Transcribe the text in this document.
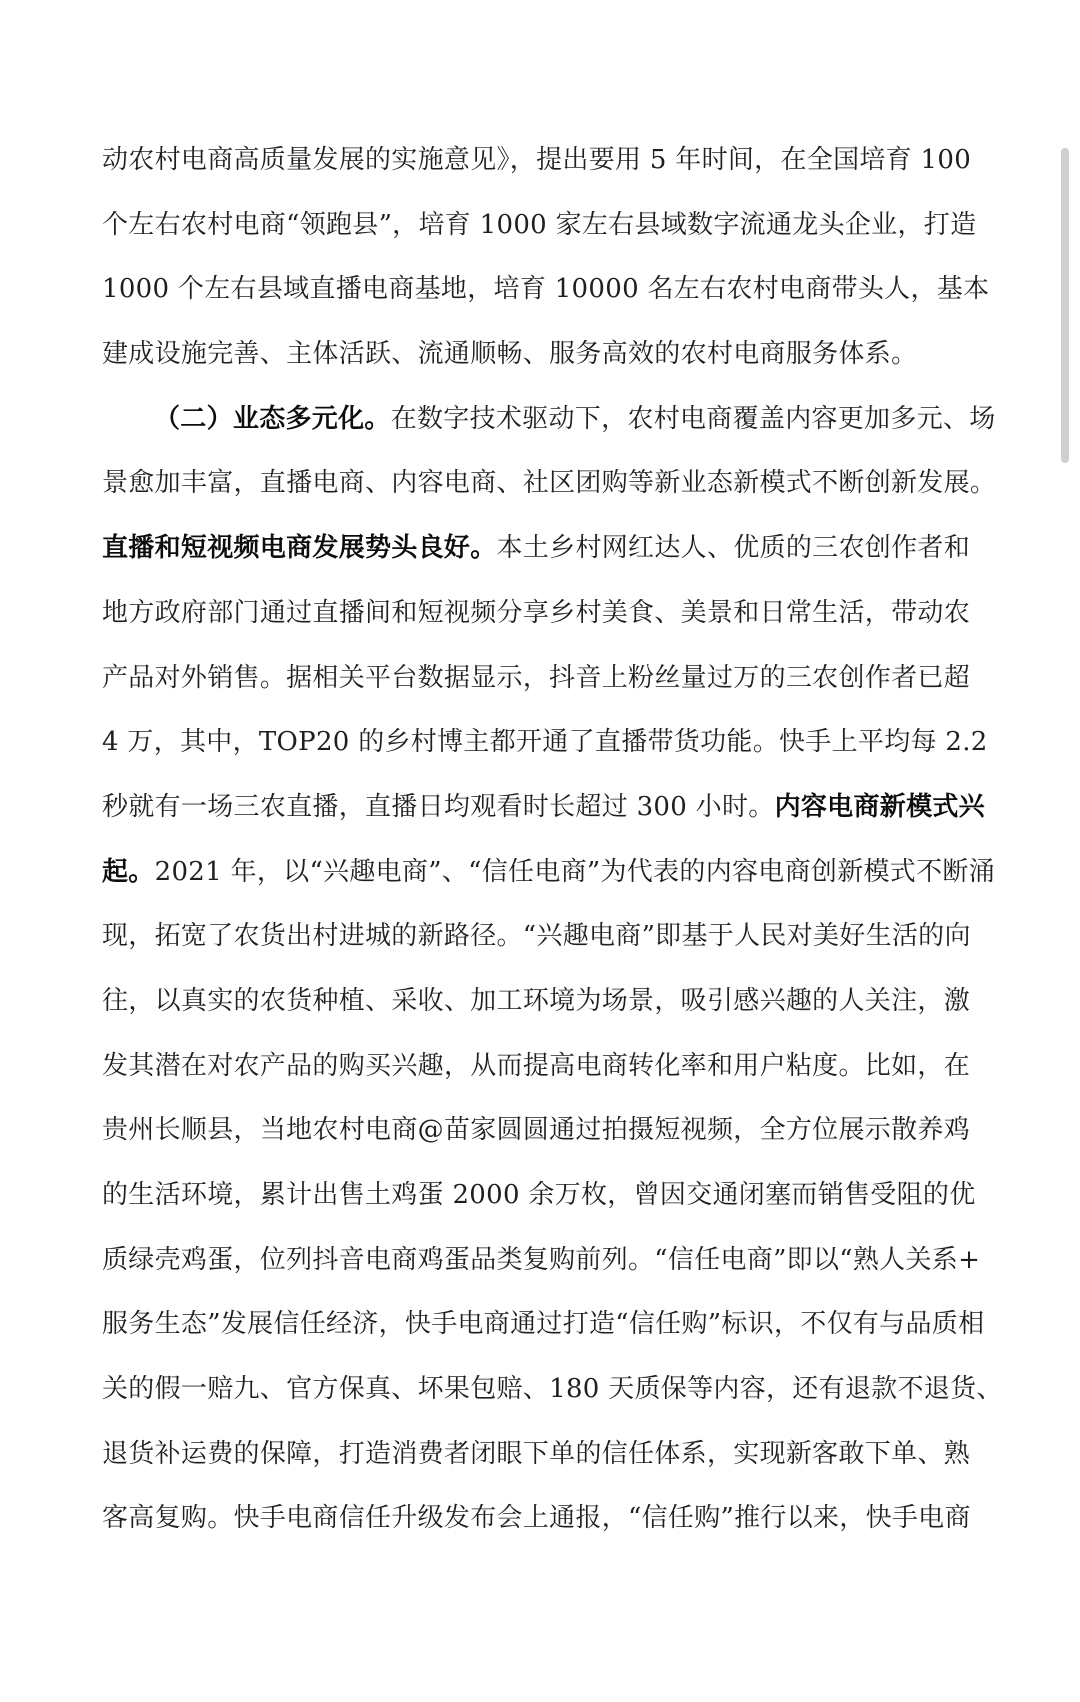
动农村电商高质量发展的实施意见》，提出要用 5 年时间，在全国培育 100
个左右农村电商“领跑县”，培育 1000 家左右县域数字流通龙头企业，打造
1000 个左右县域直播电商基地，培育 10000 名左右农村电商带头人，基本
建成设施完善、主体活跃、流通顺畅、服务高效的农村电商服务体系。
（二）业态多元化。在数字技术驱动下，农村电商覆盖内容更加多元、场
景愈加丰富，直播电商、内容电商、社区团购等新业态新模式不断创新发展。
直播和短视频电商发展势头良好。本土乡村网红达人、优质的三农创作者和
地方政府部门通过直播间和短视频分享乡村美食、美景和日常生活，带动农
产品对外销售。据相关平台数据显示，抖音上粉丝量过万的三农创作者已超
4 万，其中，TOP20 的乡村博主都开通了直播带货功能。快手上平均每 2.2
秒就有一场三农直播，直播日均观看时长超过 300 小时。内容电商新模式兴
起。2021 年，以“兴趣电商”、“信任电商”为代表的内容电商创新模式不断涌
现，拓宽了农货出村进城的新路径。“兴趣电商”即基于人民对美好生活的向
往，以真实的农货种植、采收、加工环境为场景，吸引感兴趣的人关注，激
发其潜在对农产品的购买兴趣，从而提高电商转化率和用户粘度。比如，在
贵州长顺县，当地农村电商@苗家圆圆通过拍摄短视频，全方位展示散养鸡
的生活环境，累计出售土鸡蛋 2000 余万枚，曾因交通闭塞而销售受阻的优
质绿壳鸡蛋，位列抖音电商鸡蛋品类复购前列。“信任电商”即以“熟人关系+
服务生态”发展信任经济，快手电商通过打造“信任购”标识，不仅有与品质相
关的假一赔九、官方保真、坏果包赔、180 天质保等内容，还有退款不退货、
退货补运费的保障，打造消费者闭眼下单的信任体系，实现新客敢下单、熟
客高复购。快手电商信任升级发布会上通报，“信任购”推行以来，快手电商
